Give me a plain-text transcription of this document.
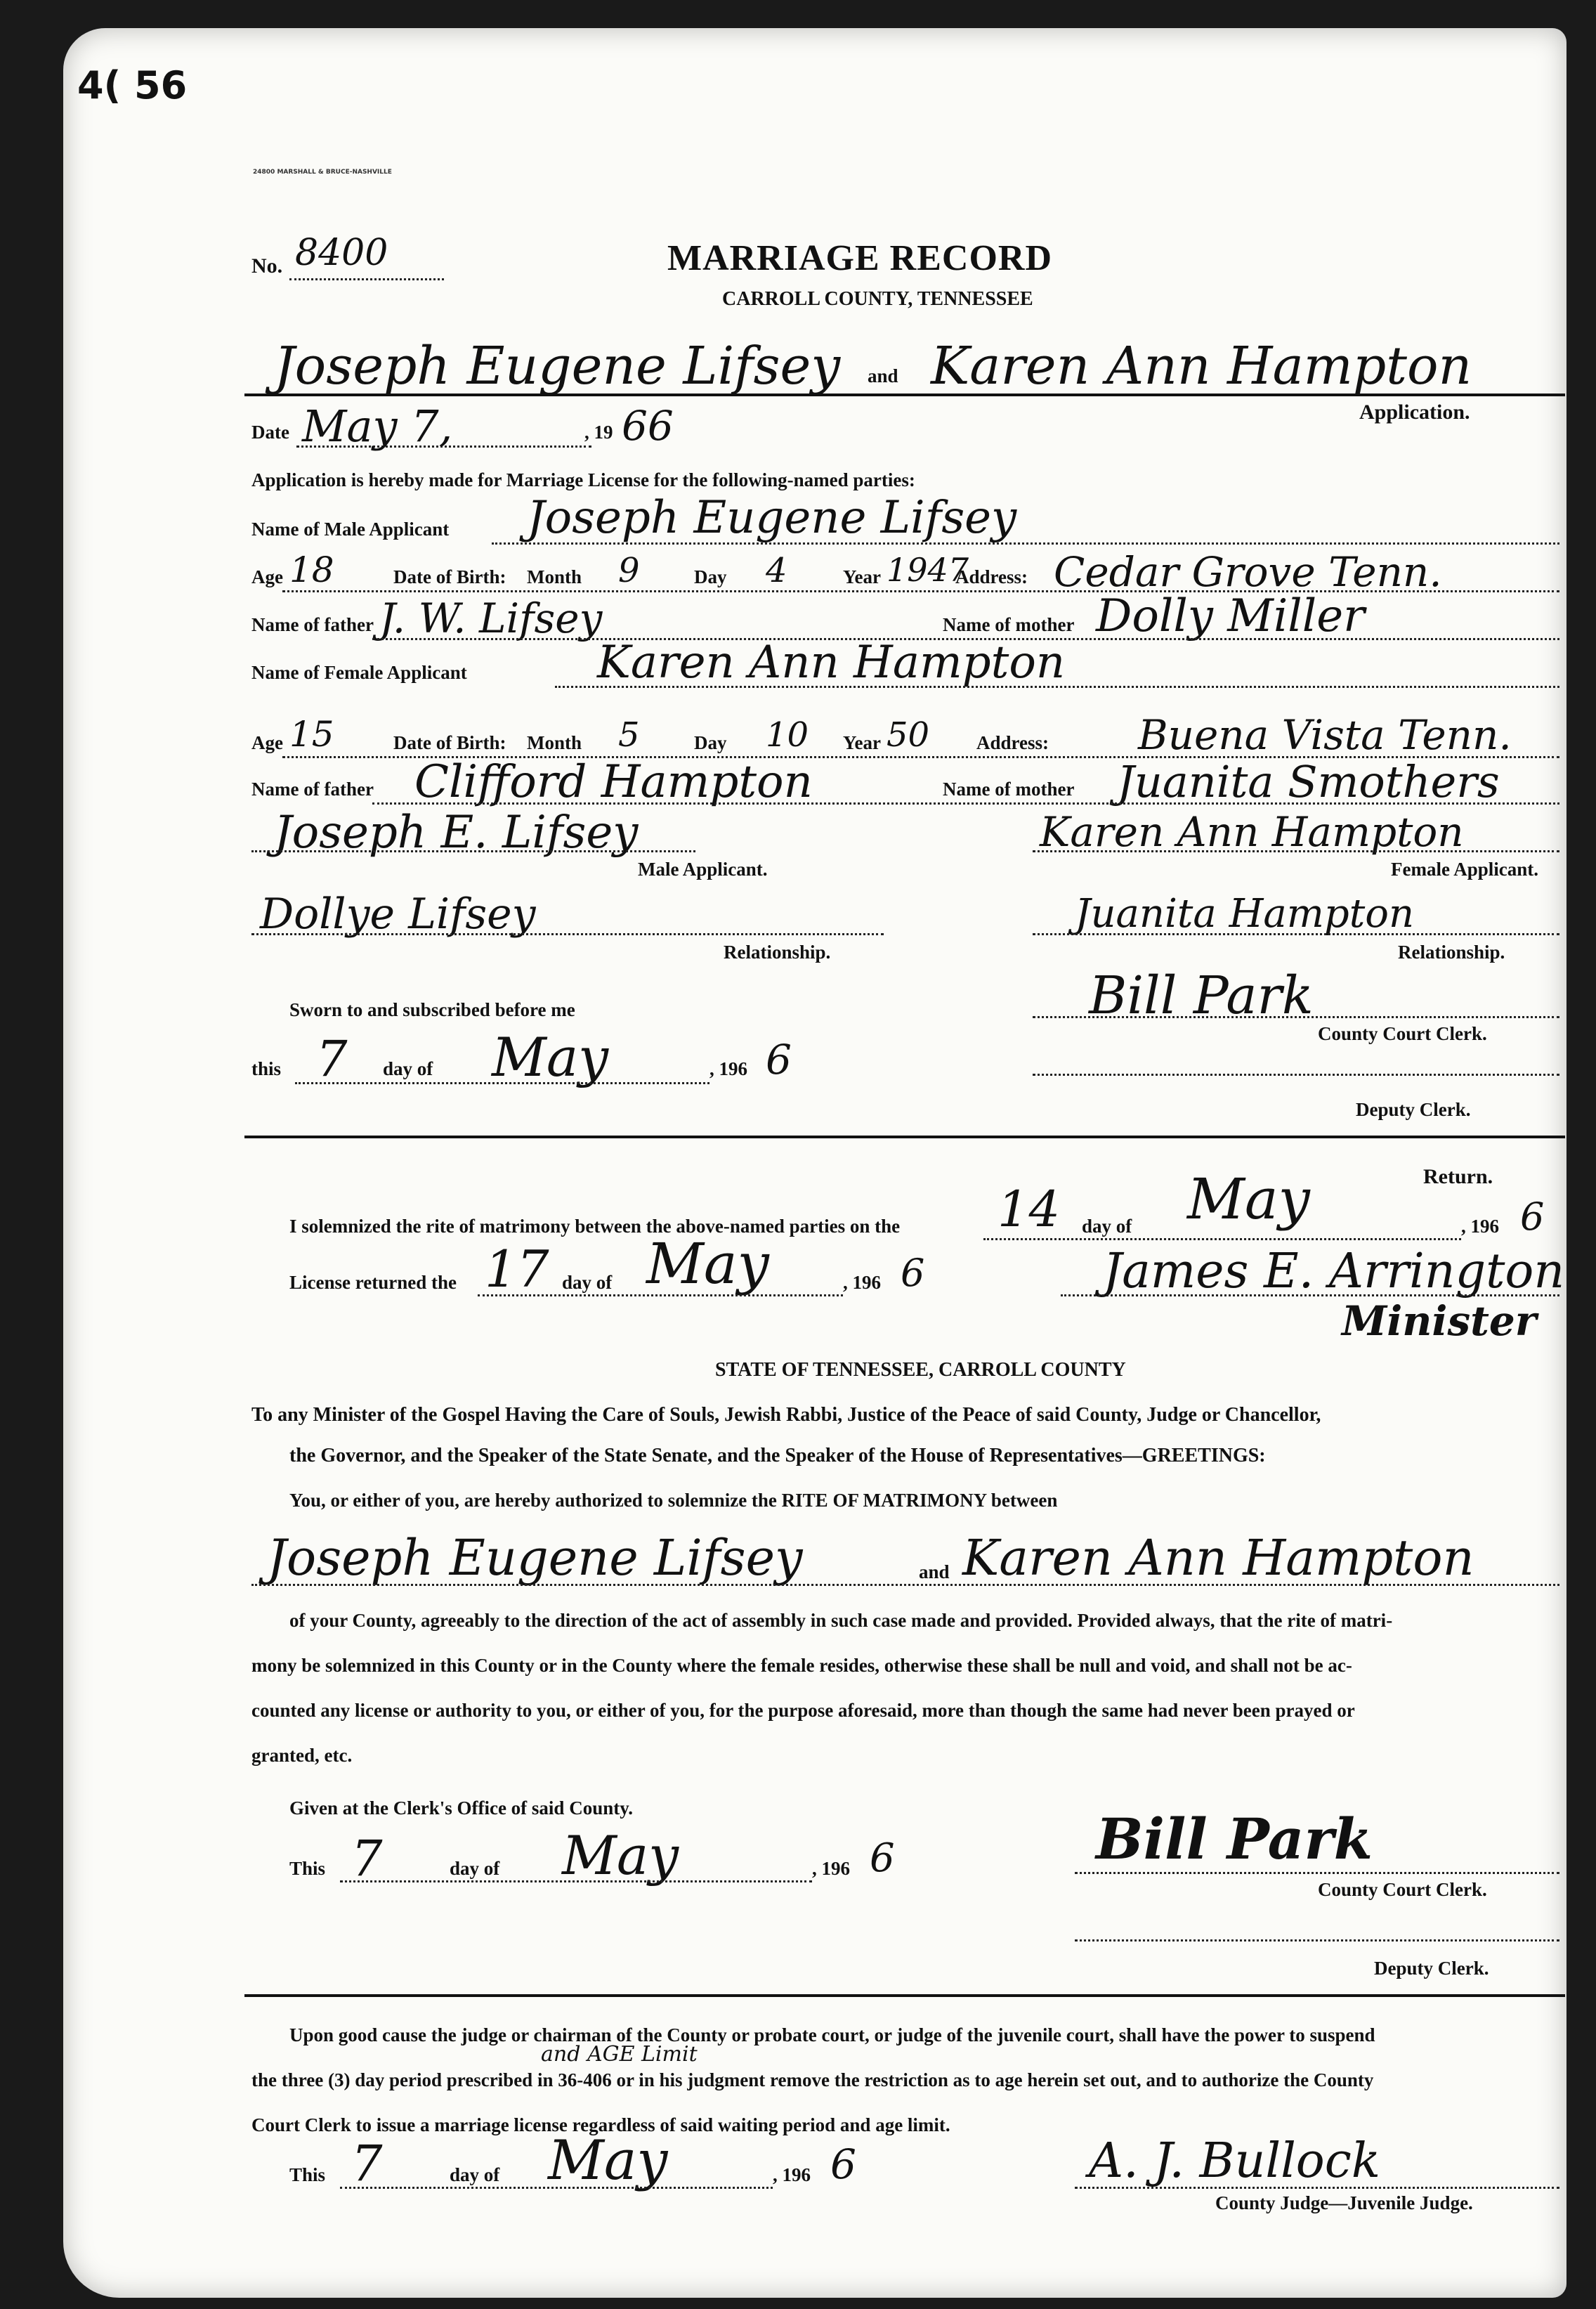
4( 56
24800 MARSHALL & BRUCE-NASHVILLE
No. 8400	MARRIAGE RECORD
CARROLL COUNTY, TENNESSEE
Joseph Eugene Lifsey and Karen Ann Hampton
Date May 7,	, 19 66	Application.
Application is hereby made for Marriage License for the following-named parties:
Name of Male Applicant Joseph Eugene Lifsey
Age 18	Date of Birth: Month 9	Day 4	Year 1947
Address: Cedar Grove Tenn.
Name of father J. W. Lifsey	Name of mother Dolly Miller
Name of Female Applicant	Karen Ann Hampton
Age 15	Date of Birth: Month 5	Day 10 Year 50 Address: Buena Vista Tenn.
Name of father Clifford Hampton	Name of mother Juanita Smothers
Joseph E. Lifsey
Male Applicant.
Karen Ann Hampton
Female Applicant.
Dollye Lifsey
Relationship.
Juanita Hampton
Relationship.
Sworn to and subscribed before me	Bill Park
County Court Clerk.
this 7 day of May	, 196 6
Deputy Clerk.
Return.
I solemnized the rite of matrimony between the above-named parties on the 14 day of May	, 196 6
License returned the 17 day of May	, 196 6	James E. Arrington
Minister
STATE OF TENNESSEE, CARROLL COUNTY
To any Minister of the Gospel Having the Care of Souls, Jewish Rabbi, Justice of the Peace of said County, Judge or Chancellor,
the Governor, and the Speaker of the State Senate, and the Speaker of the House of Representatives—GREETINGS:
You, or either of you, are hereby authorized to solemnize the RITE OF MATRIMONY between
Joseph Eugene Lifsey	and Karen Ann Hampton
of your County, agreeably to the direction of the act of assembly in such case made and provided. Provided always, that the rite of matri-
mony be solemnized in this County or in the County where the female resides, otherwise these shall be null and void, and shall not be ac-
counted any license or authority to you, or either of you, for the purpose aforesaid, more than though the same had never been prayed or
granted, etc.
Given at the Clerk's Office of said County.
This 7	day of May	, 196 6	Bill Park
County Court Clerk.
Deputy Clerk.
Upon good cause the judge or chairman of the County or probate court, or judge of the juvenile court, shall have the power to suspend
and AGE Limit
the three (3) day period prescribed in 36-406 or in his judgment remove the restriction as to age herein set out, and to authorize the County
Court Clerk to issue a marriage license regardless of said waiting period and age limit.
This 7	day of May	, 196 6	A. J. Bullock
County Judge—Juvenile Judge.
